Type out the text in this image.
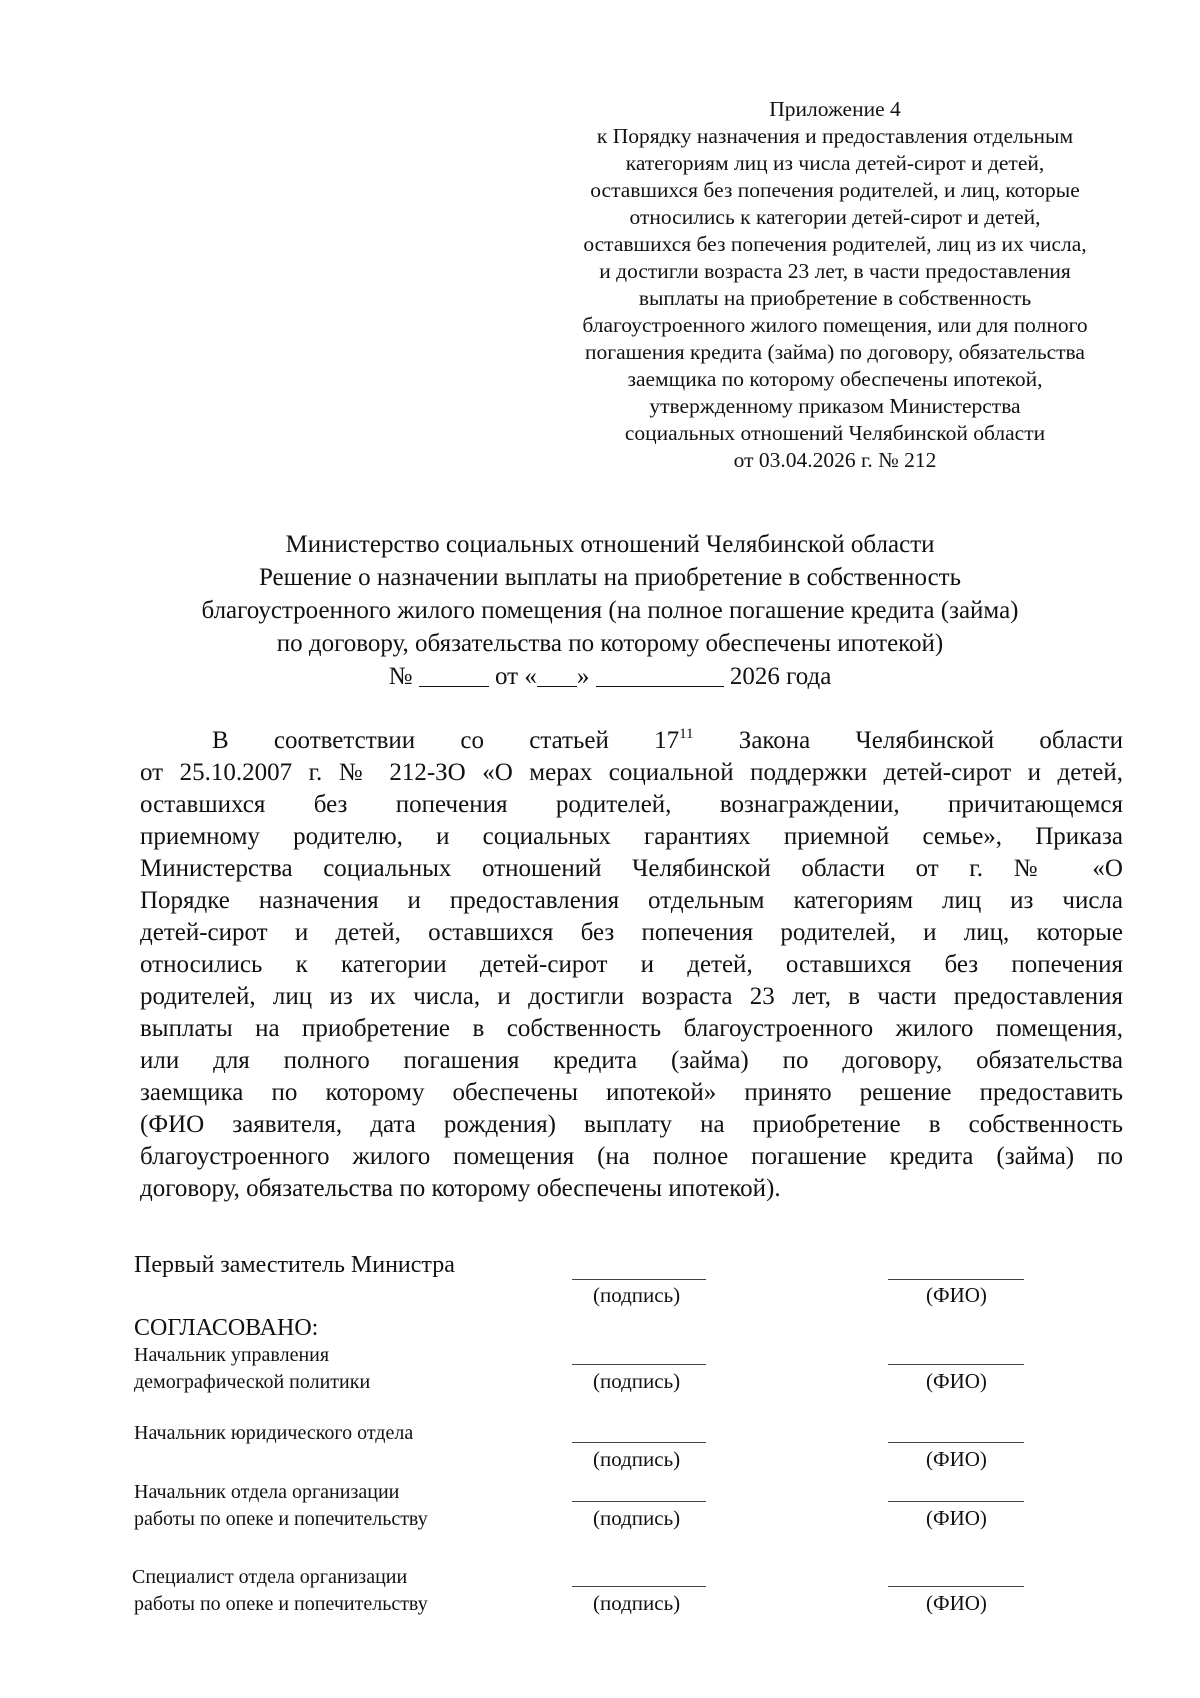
Приложение 4
к Порядку назначения и предоставления отдельным
категориям лиц из числа детей-сирот и детей,
оставшихся без попечения родителей, и лиц, которые
относились к категории детей-сирот и детей,
оставшихся без попечения родителей, лиц из их числа,
и достигли возраста 23 лет, в части предоставления
выплаты на приобретение в собственность
благоустроенного жилого помещения, или для полного
погашения кредита (займа) по договору, обязательства
заемщика по которому обеспечены ипотекой,
утвержденному приказом Министерства
социальных отношений Челябинской области
от 03.04.2026 г. № 212
Министерство социальных отношений Челябинской области
Решение о назначении выплаты на приобретение в собственность
благоустроенного жилого помещения (на полное погашение кредита (займа)
по договору, обязательства по которому обеспечены ипотекой)
№	от « »	2026 года
В соответствии со статьей $17^{11}$ Закона Челябинской области
от 25.10.2007 г. № 212-ЗО «О мерах социальной поддержки детей-сирот и детей,
оставшихся без попечения родителей, вознаграждении, причитающемся
приемному родителю, и социальных гарантиях приемной семье», Приказа
Министерства социальных отношений Челябинской области от г. № «О
Порядке назначения и предоставления отдельным категориям лиц из числа
детей-сирот и детей, оставшихся без попечения родителей, и лиц, которые
относились к категории детей-сирот и детей, оставшихся без попечения
родителей, лиц из их числа, и достигли возраста 23 лет, в части предоставления
выплаты на приобретение в собственность благоустроенного жилого помещения,
или для полного погашения кредита (займа) по договору, обязательства
заемщика по которому обеспечены ипотекой» принято решение предоставить
(ФИО заявителя, дата рождения) выплату на приобретение в собственность
благоустроенного жилого помещения (на полное погашение кредита (займа) по
договору, обязательства по которому обеспечены ипотекой).
Первый заместитель Министра
(подпись)	(ФИО)
СОГЛАСОВАНО:
Начальник управления
демографической политики	(подпись)	(ФИО)
Начальник юридического отдела
(подпись)	(ФИО)
Начальник отдела организации
работы по опеке и попечительству	(подпись)	(ФИО)
Специалист отдела организации
работы по опеке и попечительству	(подпись)	(ФИО)
